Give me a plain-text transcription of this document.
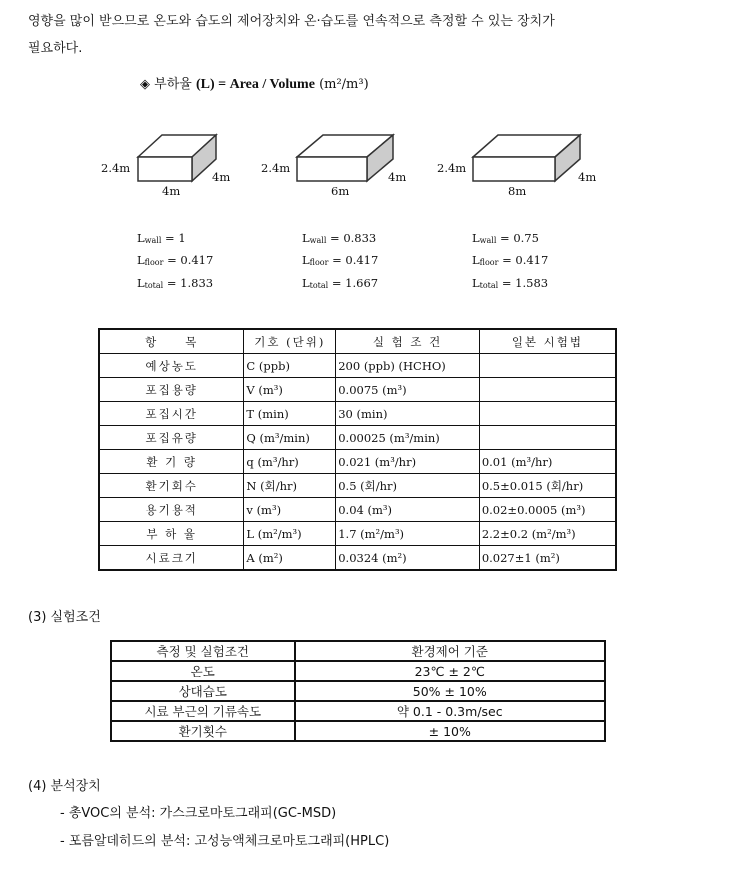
영향을 많이 받으므로 온도와 습도의 제어장치와 온·습도를 연속적으로 측정할 수 있는 장치가
필요하다.
◈ 부하율 (L) = Area / Volume (m²/m³)
2.4m
4m
4m
2.4m
4m
6m
2.4m
4m
8m
$L_{wall} = 1$
$L_{floor} = 0.417$
$L_{total} = 1.833$
$L_{wall} = 0.833$
$L_{floor} = 0.417$
$L_{total} = 1.667$
$L_{wall} = 0.75$
$L_{floor} = 0.417$
$L_{total} = 1.583$
항　　목	기호 (단위)	실 험 조 건	일본 시험법
예상농도	C (ppb)	200 (ppb) (HCHO)	
포집용량	V (m³)	0.0075 (m³)	
포집시간	T (min)	30 (min)	
포집유량	Q (m³/min)	0.00025 (m³/min)	
환 기 량	q (m³/hr)	0.021 (m³/hr)	0.01 (m³/hr)
환기회수	N (회/hr)	0.5 (회/hr)	0.5±0.015 (회/hr)
용기용적	v (m³)	0.04 (m³)	0.02±0.0005 (m³)
부 하 율	L (m²/m³)	1.7 (m²/m³)	2.2±0.2 (m²/m³)
시료크기	A (m²)	0.0324 (m²)	0.027±1 (m²)
(3) 실험조건
측정 및 실험조건	환경제어 기준
온도	23℃ ± 2℃
상대습도	50% ± 10%
시료 부근의 기류속도	약 0.1 - 0.3m/sec
환기횟수	± 10%
(4) 분석장치
- 총VOC의 분석: 가스크로마토그래피(GC-MSD)
- 포름알데히드의 분석: 고성능액체크로마토그래피(HPLC)
